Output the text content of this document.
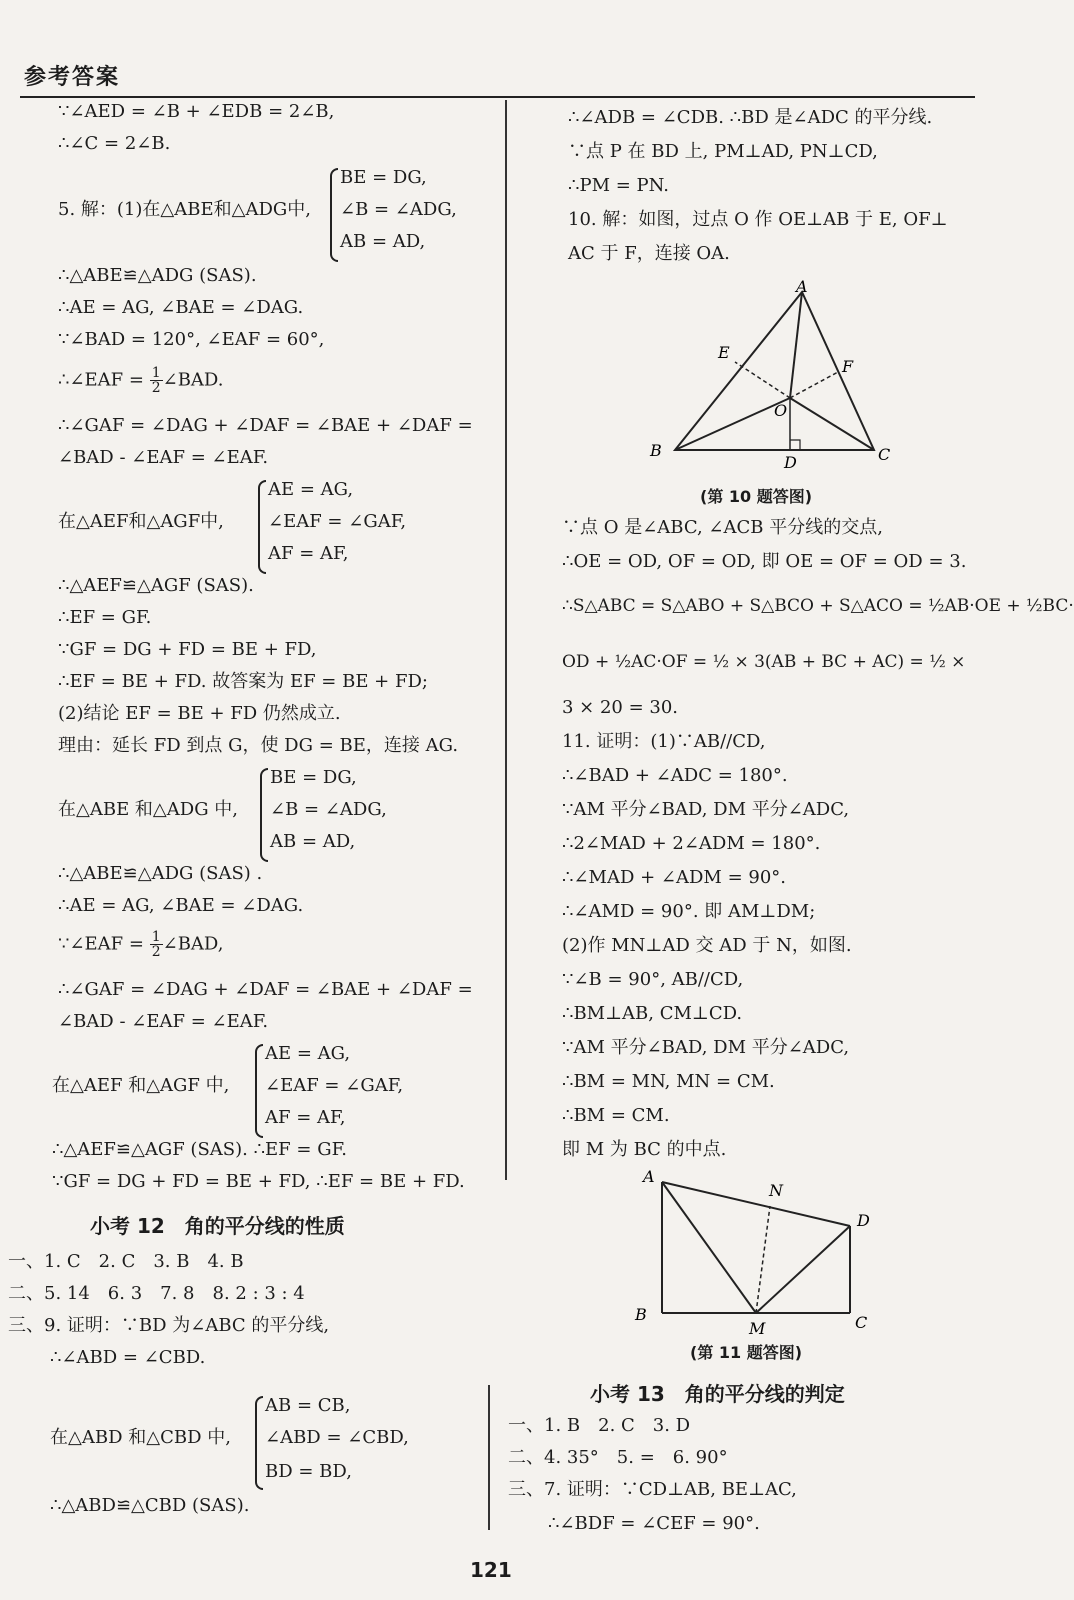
参考答案
∵∠AED = ∠B + ∠EDB = 2∠B,
∴∠C = 2∠B.
5. 解：(1)在△ABE和△ADG中,
BE = DG,
∠B = ∠ADG,
AB = AD,
∴△ABE≌△ADG (SAS).
∴AE = AG, ∠BAE = ∠DAG.
∵∠BAD = 120°, ∠EAF = 60°,
∴∠EAF = $\frac{1}{2}$ ∠BAD.
∴∠GAF = ∠DAG + ∠DAF = ∠BAE + ∠DAF =
∠BAD - ∠EAF = ∠EAF.
在△AEF和△AGF中,
AE = AG,
∠EAF = ∠GAF,
AF = AF,
∴△AEF≌△AGF (SAS).
∴EF = GF.
∵GF = DG + FD = BE + FD,
∴EF = BE + FD. 故答案为 EF = BE + FD;
(2)结论 EF = BE + FD 仍然成立.
理由：延长 FD 到点 G，使 DG = BE，连接 AG.
在△ABE 和△ADG 中,
BE = DG,
∠B = ∠ADG,
AB = AD,
∴△ABE≌△ADG (SAS) .
∴AE = AG, ∠BAE = ∠DAG.
∵∠EAF = $\frac{1}{2}$ ∠BAD,
∴∠GAF = ∠DAG + ∠DAF = ∠BAE + ∠DAF =
∠BAD - ∠EAF = ∠EAF.
在△AEF 和△AGF 中,
AE = AG,
∠EAF = ∠GAF,
AF = AF,
∴△AEF≌△AGF (SAS). ∴EF = GF.
∵GF = DG + FD = BE + FD, ∴EF = BE + FD.
小考 12　角的平分线的性质
一、1. C　2. C　3. B　4. B
二、5. 14　6. 3　7. 8　8. 2 : 3 : 4
三、9. 证明：∵BD 为∠ABC 的平分线,
∴∠ABD = ∠CBD.
在△ABD 和△CBD 中,
AB = CB,
∠ABD = ∠CBD,
BD = BD,
∴△ABD≌△CBD (SAS).
∴∠ADB = ∠CDB. ∴BD 是∠ADC 的平分线.
∵点 P 在 BD 上, PM⊥AD, PN⊥CD,
∴PM = PN.
10. 解：如图，过点 O 作 OE⊥AB 于 E, OF⊥
AC 于 F，连接 OA.
A
B	C
D
E
F
O
(第 10 题答图)
∵点 O 是∠ABC, ∠ACB 平分线的交点,
∴OE = OD, OF = OD, 即 OE = OF = OD = 3.
∴S△ABC = S△ABO + S△BCO + S△ACO = ½AB·OE + ½BC·
OD + ½AC·OF = ½ × 3(AB + BC + AC) = ½ ×
3 × 20 = 30.
11. 证明：(1)∵AB//CD,
∴∠BAD + ∠ADC = 180°.
∵AM 平分∠BAD, DM 平分∠ADC,
∴2∠MAD + 2∠ADM = 180°.
∴∠MAD + ∠ADM = 90°.
∴∠AMD = 90°. 即 AM⊥DM;
(2)作 MN⊥AD 交 AD 于 N，如图.
∵∠B = 90°, AB//CD,
∴BM⊥AB, CM⊥CD.
∵AM 平分∠BAD, DM 平分∠ADC,
∴BM = MN, MN = CM.
∴BM = CM.
即 M 为 BC 的中点.
A
B	C
D
M
N
(第 11 题答图)
小考 13　角的平分线的判定
一、1. B　2. C　3. D
二、4. 35°　5. =　6. 90°
三、7. 证明：∵CD⊥AB, BE⊥AC,
∴∠BDF = ∠CEF = 90°.
121
